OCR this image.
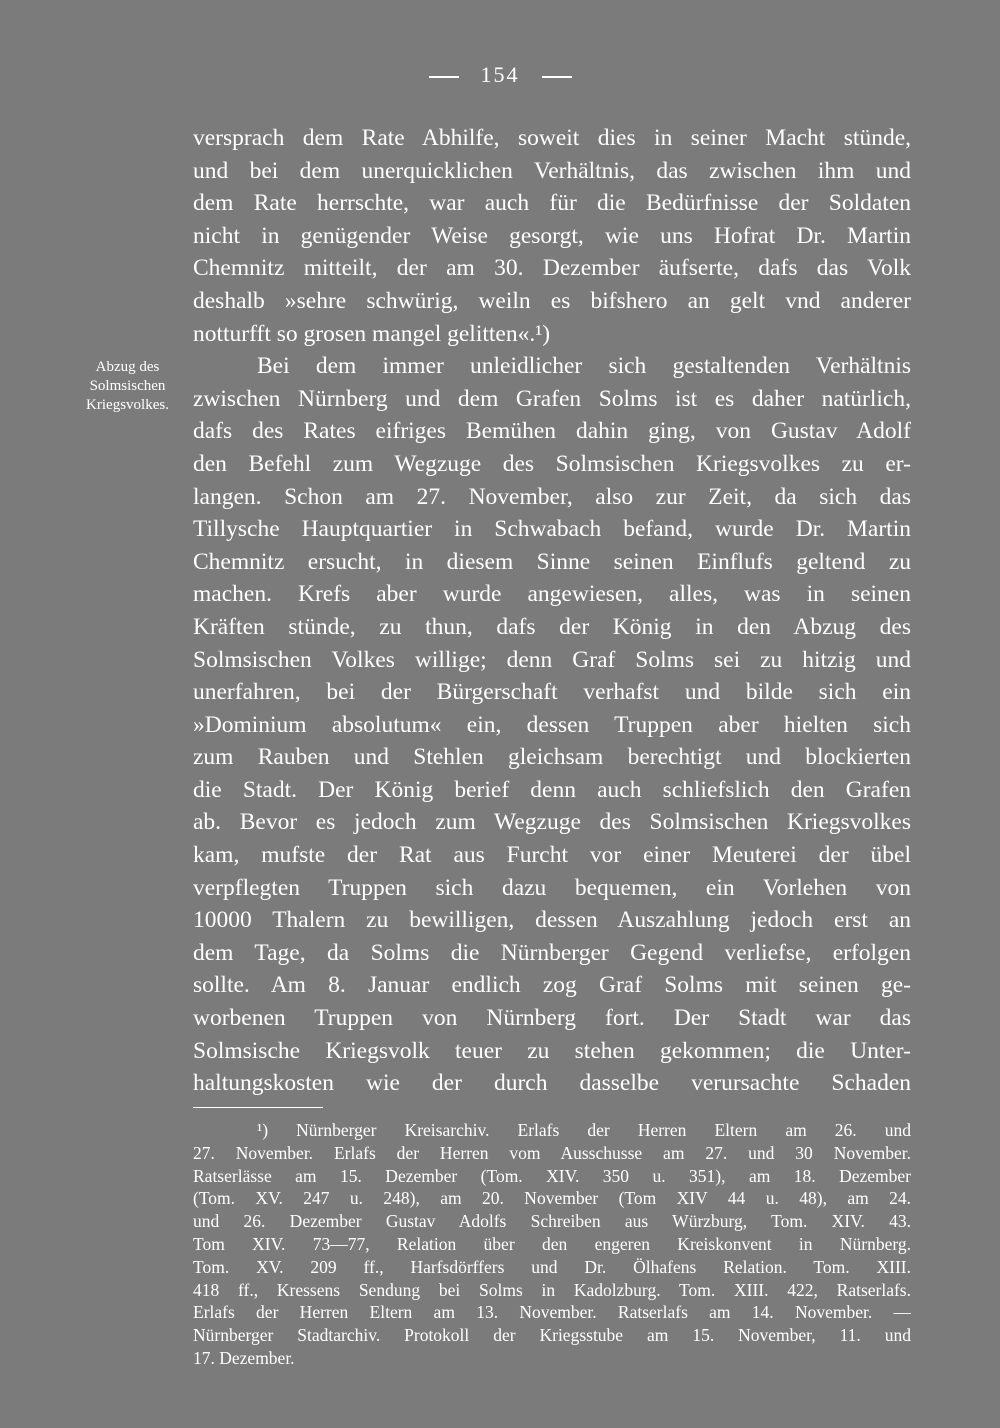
154
Abzug des
Solmsischen
Kriegsvolkes.
versprach dem Rate Abhilfe, soweit dies in seiner Macht stünde,
und bei dem unerquicklichen Verhältnis, das zwischen ihm und
dem Rate herrschte, war auch für die Bedürfnisse der Soldaten
nicht in genügender Weise gesorgt, wie uns Hofrat Dr. Martin
Chemnitz mitteilt, der am 30. Dezember äufserte, dafs das Volk
deshalb »sehre schwürig, weiln es bifshero an gelt vnd anderer
notturfft so grosen mangel gelitten«.¹)
Bei dem immer unleidlicher sich gestaltenden Verhältnis
zwischen Nürnberg und dem Grafen Solms ist es daher natürlich,
dafs des Rates eifriges Bemühen dahin ging, von Gustav Adolf
den Befehl zum Wegzuge des Solmsischen Kriegsvolkes zu er-
langen. Schon am 27. November, also zur Zeit, da sich das
Tillysche Hauptquartier in Schwabach befand, wurde Dr. Martin
Chemnitz ersucht, in diesem Sinne seinen Einflufs geltend zu
machen. Krefs aber wurde angewiesen, alles, was in seinen
Kräften stünde, zu thun, dafs der König in den Abzug des
Solmsischen Volkes willige; denn Graf Solms sei zu hitzig und
unerfahren, bei der Bürgerschaft verhafst und bilde sich ein
»Dominium absolutum« ein, dessen Truppen aber hielten sich
zum Rauben und Stehlen gleichsam berechtigt und blockierten
die Stadt. Der König berief denn auch schliefslich den Grafen
ab. Bevor es jedoch zum Wegzuge des Solmsischen Kriegsvolkes
kam, mufste der Rat aus Furcht vor einer Meuterei der übel
verpflegten Truppen sich dazu bequemen, ein Vorlehen von
10000 Thalern zu bewilligen, dessen Auszahlung jedoch erst an
dem Tage, da Solms die Nürnberger Gegend verliefse, erfolgen
sollte. Am 8. Januar endlich zog Graf Solms mit seinen ge-
worbenen Truppen von Nürnberg fort. Der Stadt war das
Solmsische Kriegsvolk teuer zu stehen gekommen; die Unter-
haltungskosten wie der durch dasselbe verursachte Schaden
¹) Nürnberger Kreisarchiv. Erlafs der Herren Eltern am 26. und
27. November. Erlafs der Herren vom Ausschusse am 27. und 30 November.
Ratserlässe am 15. Dezember (Tom. XIV. 350 u. 351), am 18. Dezember
(Tom. XV. 247 u. 248), am 20. November (Tom XIV 44 u. 48), am 24.
und 26. Dezember Gustav Adolfs Schreiben aus Würzburg, Tom. XIV. 43.
Tom XIV. 73—77, Relation über den engeren Kreiskonvent in Nürnberg.
Tom. XV. 209 ff., Harfsdörffers und Dr. Ölhafens Relation. Tom. XIII.
418 ff., Kressens Sendung bei Solms in Kadolzburg. Tom. XIII. 422, Ratserlafs.
Erlafs der Herren Eltern am 13. November. Ratserlafs am 14. November. —
Nürnberger Stadtarchiv. Protokoll der Kriegsstube am 15. November, 11. und
17. Dezember.
